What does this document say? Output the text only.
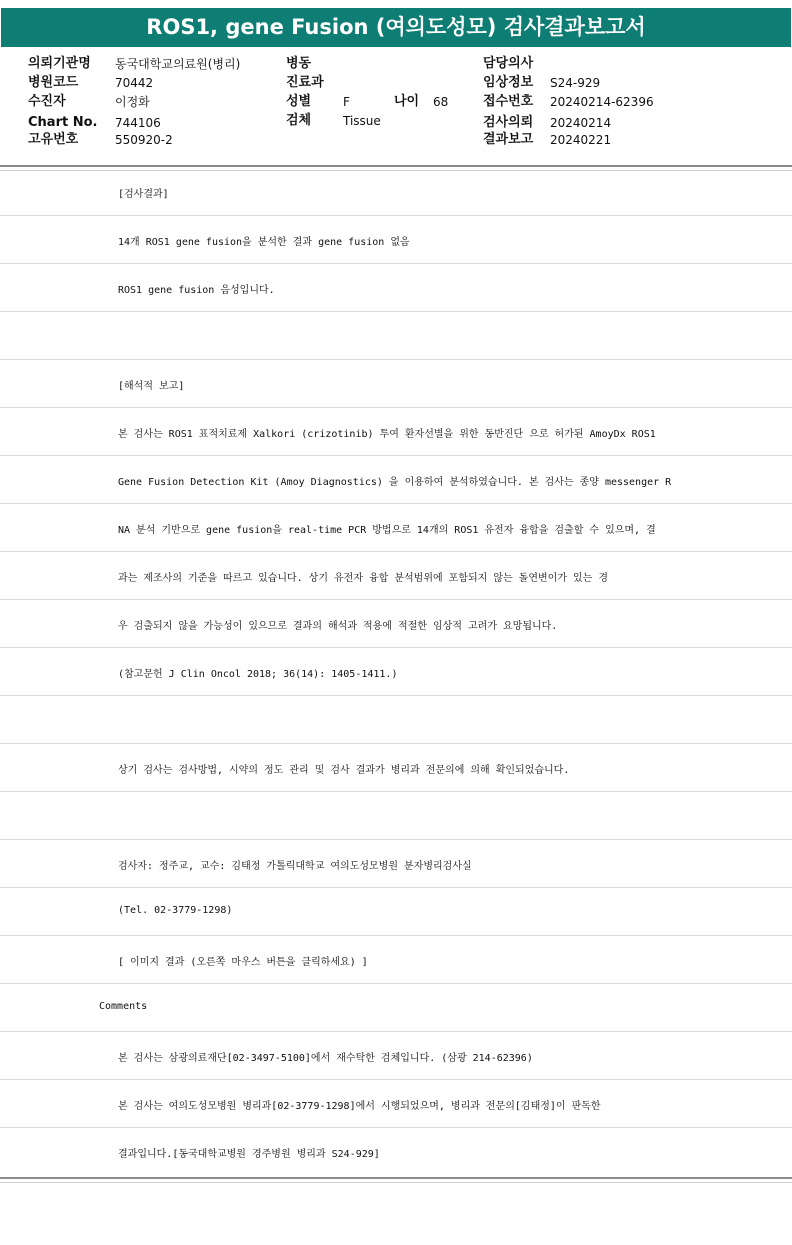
ROS1, gene Fusion (여의도성모) 검사결과보고서
의뢰기관명 동국대학교의료원(병리)
병원코드	70442
수진자	이정화
Chart No. 744106
고유번호	550920-2
병동
진료과
성별	F	나이 68
검체	Tissue
담당의사
임상정보 S24-929
접수번호 20240214-62396
검사의뢰 20240214
결과보고 20240221
[검사결과]
14개 ROS1 gene fusion을 분석한 결과 gene fusion 없음
ROS1 gene fusion 음성입니다.
[해석적 보고]
본 검사는 ROS1 표적치료제 Xalkori (crizotinib) 투여 환자선별을 위한 동반진단 으로 허가된 AmoyDx ROS1
Gene Fusion Detection Kit (Amoy Diagnostics) 을 이용하여 분석하였습니다. 본 검사는 종양 messenger R
NA 분석 기반으로 gene fusion을 real-time PCR 방법으로 14개의 ROS1 유전자 융합을 검출할 수 있으며, 결
과는 제조사의 기준을 따르고 있습니다. 상기 유전자 융합 분석범위에 포함되지 않는 돌연변이가 있는 경
우 검출되지 않을 가능성이 있으므로 결과의 해석과 적용에 적절한 임상적 고려가 요망됩니다.
(참고문헌 J Clin Oncol 2018; 36(14): 1405-1411.)
상기 검사는 검사방법, 시약의 정도 관리 및 검사 결과가 병리과 전문의에 의해 확인되었습니다.
검사자: 정주교, 교수: 김태정 가톨릭대학교 여의도성모병원 분자병리검사실
(Tel. 02-3779-1298)
[ 이미지 결과 (오른쪽 마우스 버튼을 클릭하세요) ]
Comments
본 검사는 삼광의료재단[02-3497-5100]에서 재수탁한 검체입니다. (삼광 214-62396)
본 검사는 여의도성모병원 병리과[02-3779-1298]에서 시행되었으며, 병리과 전문의[김태정]이 판독한
결과입니다.[동국대학교병원 경주병원 병리과 S24-929]
